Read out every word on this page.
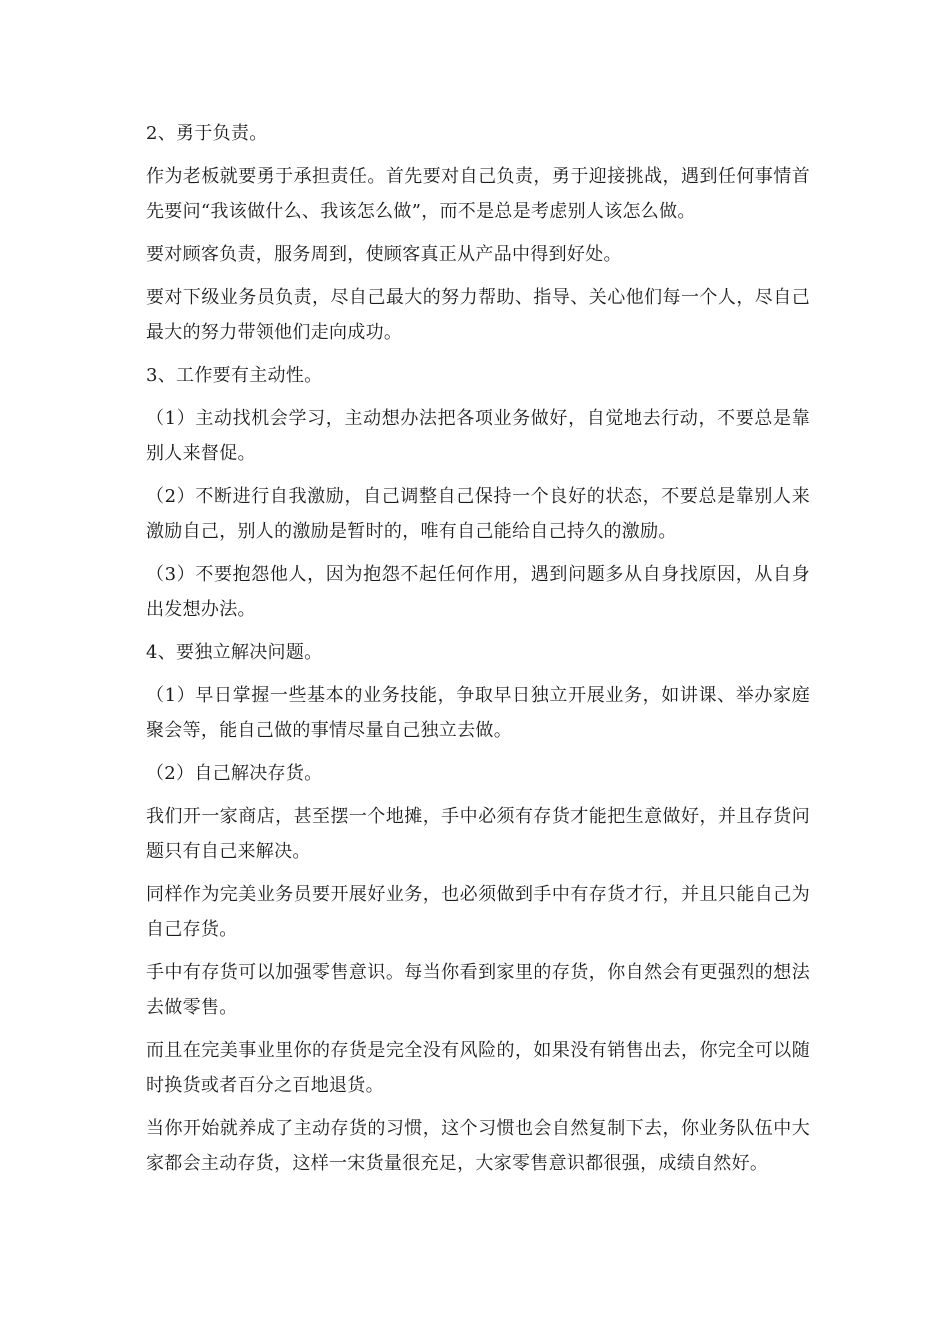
2、勇于负责。

作为老板就要勇于承担责任。首先要对自己负责，勇于迎接挑战，遇到任何事情首先要问“我该做什么、我该怎么做”，而不是总是考虑别人该怎么做。

要对顾客负责，服务周到，使顾客真正从产品中得到好处。

要对下级业务员负责，尽自己最大的努力帮助、指导、关心他们每一个人，尽自己最大的努力带领他们走向成功。

3、工作要有主动性。

（1）主动找机会学习，主动想办法把各项业务做好，自觉地去行动，不要总是靠别人来督促。

（2）不断进行自我激励，自己调整自己保持一个良好的状态，不要总是靠别人来激励自己，别人的激励是暂时的，唯有自己能给自己持久的激励。

（3）不要抱怨他人，因为抱怨不起任何作用，遇到问题多从自身找原因，从自身出发想办法。

4、要独立解决问题。

（1）早日掌握一些基本的业务技能，争取早日独立开展业务，如讲课、举办家庭聚会等，能自己做的事情尽量自己独立去做。

（2）自己解决存货。

我们开一家商店，甚至摆一个地摊，手中必须有存货才能把生意做好，并且存货问题只有自己来解决。

同样作为完美业务员要开展好业务，也必须做到手中有存货才行，并且只能自己为自己存货。

手中有存货可以加强零售意识。每当你看到家里的存货，你自然会有更强烈的想法去做零售。

而且在完美事业里你的存货是完全没有风险的，如果没有销售出去，你完全可以随时换货或者百分之百地退货。

当你开始就养成了主动存货的习惯，这个习惯也会自然复制下去，你业务队伍中大家都会主动存货，这样一宋货量很充足，大家零售意识都很强，成绩自然好。
